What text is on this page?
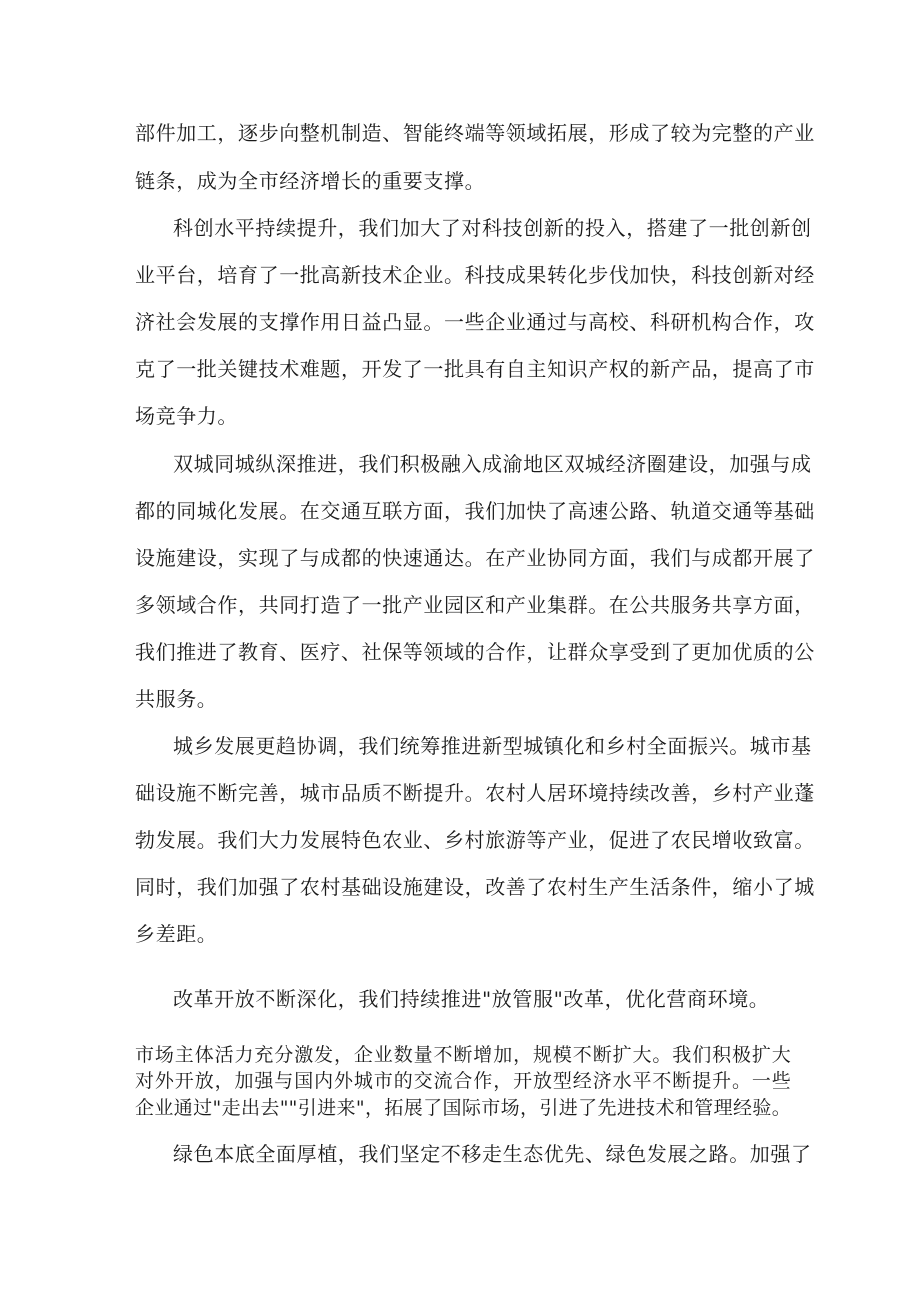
部件加工，逐步向整机制造、智能终端等领域拓展，形成了较为完整的产业
链条，成为全市经济增长的重要支撑。
科创水平持续提升，我们加大了对科技创新的投入，搭建了一批创新创
业平台，培育了一批高新技术企业。科技成果转化步伐加快，科技创新对经
济社会发展的支撑作用日益凸显。一些企业通过与高校、科研机构合作，攻
克了一批关键技术难题，开发了一批具有自主知识产权的新产品，提高了市
场竞争力。
双城同城纵深推进，我们积极融入成渝地区双城经济圈建设，加强与成
都的同城化发展。在交通互联方面，我们加快了高速公路、轨道交通等基础
设施建设，实现了与成都的快速通达。在产业协同方面，我们与成都开展了
多领域合作，共同打造了一批产业园区和产业集群。在公共服务共享方面，
我们推进了教育、医疗、社保等领域的合作，让群众享受到了更加优质的公
共服务。
城乡发展更趋协调，我们统筹推进新型城镇化和乡村全面振兴。城市基
础设施不断完善，城市品质不断提升。农村人居环境持续改善，乡村产业蓬
勃发展。我们大力发展特色农业、乡村旅游等产业，促进了农民增收致富。
同时，我们加强了农村基础设施建设，改善了农村生产生活条件，缩小了城
乡差距。
改革开放不断深化，我们持续推进"放管服"改革，优化营商环境。
市场主体活力充分激发，企业数量不断增加，规模不断扩大。我们积极扩大
对外开放，加强与国内外城市的交流合作，开放型经济水平不断提升。一些
企业通过"走出去""引进来"，拓展了国际市场，引进了先进技术和管理经验。
绿色本底全面厚植，我们坚定不移走生态优先、绿色发展之路。加强了
